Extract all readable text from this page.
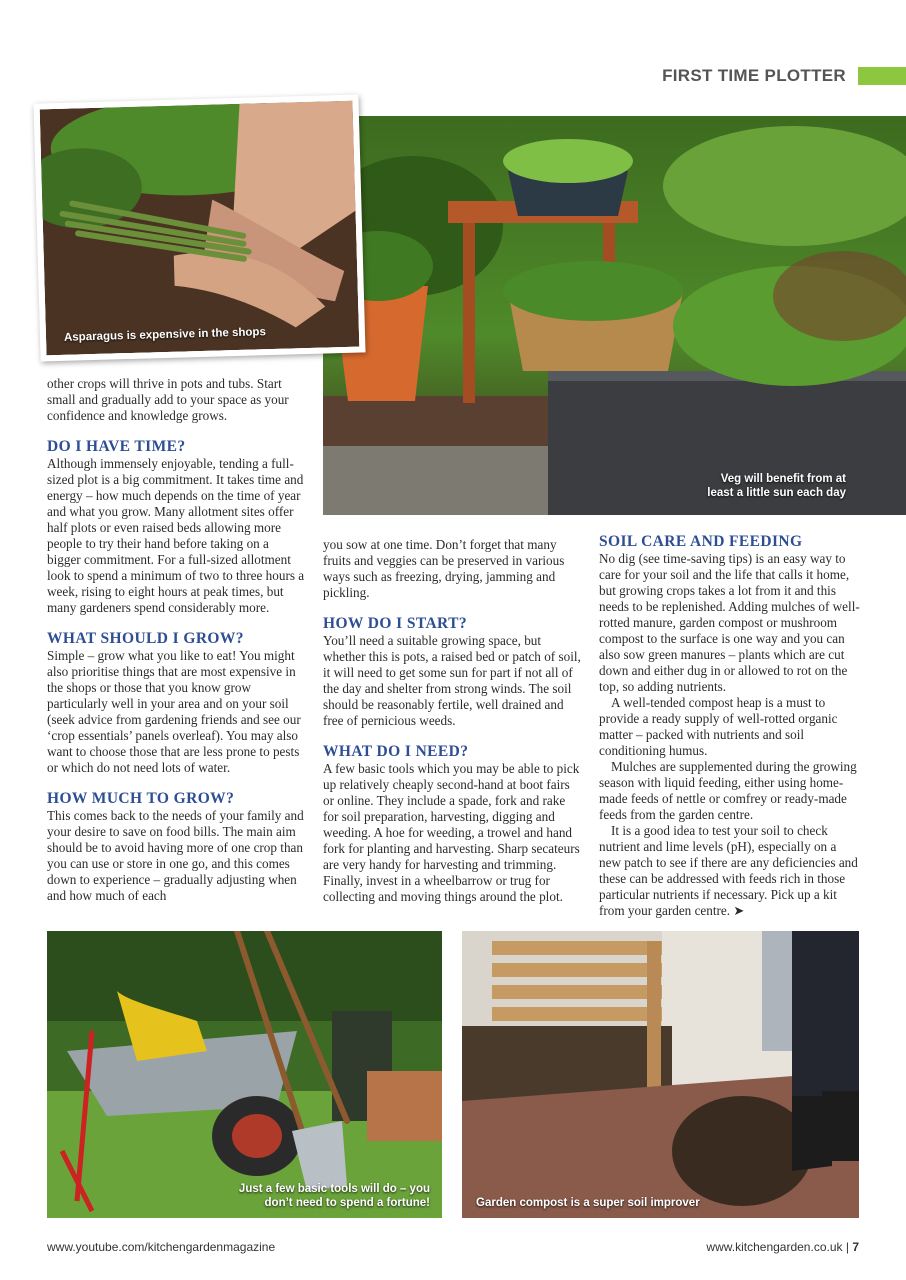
FIRST TIME PLOTTER
Veg will benefit from at
least a little sun each day
Asparagus is expensive in the shops

other crops will thrive in pots and tubs. Start small and gradually add to your space as your confidence and knowledge grows.

DO I HAVE TIME?

Although immensely enjoyable, tending a full-sized plot is a big commitment. It takes time and energy – how much depends on the time of year and what you grow. Many allotment sites offer half plots or even raised beds allowing more people to try their hand before taking on a bigger commitment. For a full-sized allotment look to spend a minimum of two to three hours a week, rising to eight hours at peak times, but many gardeners spend considerably more.

WHAT SHOULD I GROW?

Simple – grow what you like to eat! You might also prioritise things that are most expensive in the shops or those that you know grow particularly well in your area and on your soil (seek advice from gardening friends and see our ‘crop essentials’ panels overleaf). You may also want to choose those that are less prone to pests or which do not need lots of water.

HOW MUCH TO GROW?

This comes back to the needs of your family and your desire to save on food bills. The main aim should be to avoid having more of one crop than you can use or store in one go, and this comes down to experience – gradually adjusting when and how much of each

you sow at one time. Don’t forget that many fruits and veggies can be preserved in various ways such as freezing, drying, jamming and pickling.

HOW DO I START?

You’ll need a suitable growing space, but whether this is pots, a raised bed or patch of soil, it will need to get some sun for part if not all of the day and shelter from strong winds. The soil should be reasonably fertile, well drained and free of pernicious weeds.

WHAT DO I NEED?

A few basic tools which you may be able to pick up relatively cheaply second-hand at boot fairs or online. They include a spade, fork and rake for soil preparation, harvesting, digging and weeding. A hoe for weeding, a trowel and hand fork for planting and harvesting. Sharp secateurs are very handy for harvesting and trimming. Finally, invest in a wheelbarrow or trug for collecting and moving things around the plot.

SOIL CARE AND FEEDING

No dig (see time-saving tips) is an easy way to care for your soil and the life that calls it home, but growing crops takes a lot from it and this needs to be replenished. Adding mulches of well-rotted manure, garden compost or mushroom compost to the surface is one way and you can also sow green manures – plants which are cut down and either dug in or allowed to rot on the top, so adding nutrients.

A well-tended compost heap is a must to provide a ready supply of well-rotted organic matter – packed with nutrients and soil conditioning humus.

Mulches are supplemented during the growing season with liquid feeding, either using home-made feeds of nettle or comfrey or ready-made feeds from the garden centre.

It is a good idea to test your soil to check nutrient and lime levels (pH), especially on a new patch to see if there are any deficiencies and these can be addressed with feeds rich in those particular nutrients if necessary. Pick up a kit from your garden centre. ➤

Just a few basic tools will do – you
don’t need to spend a fortune!	Garden compost is a super soil improver
www.youtube.com/kitchengardenmagazine	www.kitchengarden.co.uk | 7
